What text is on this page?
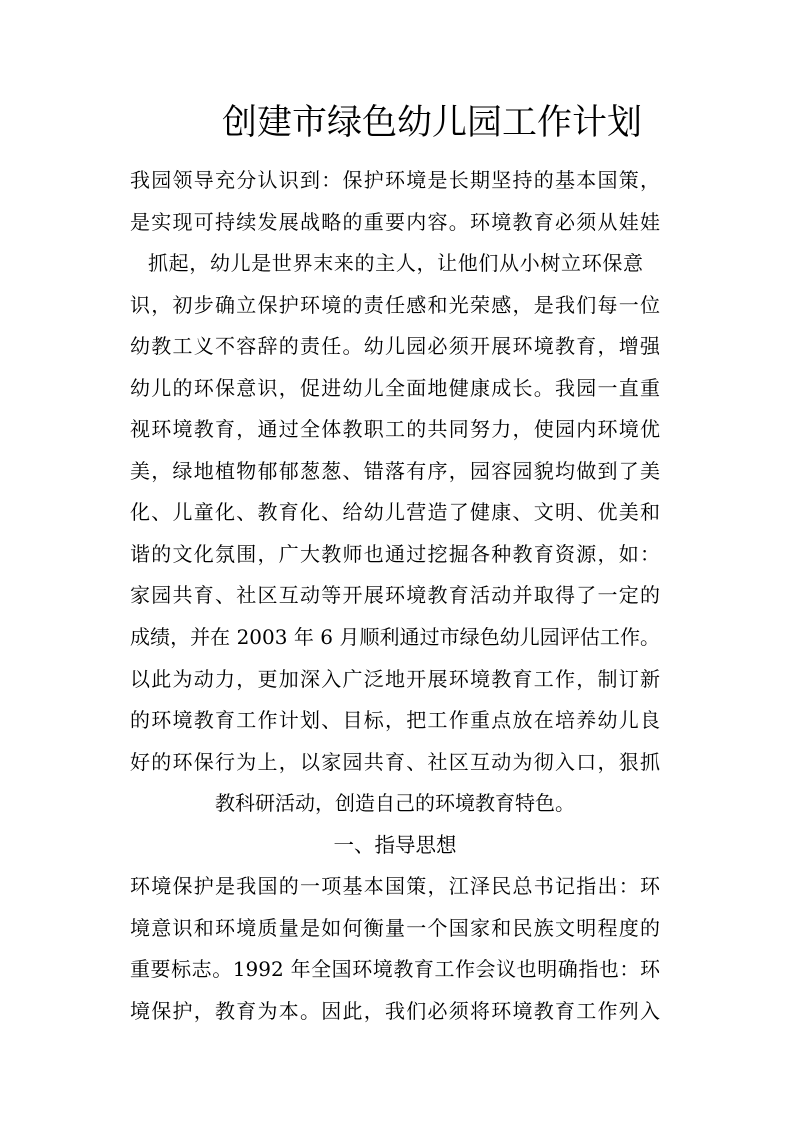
创建市绿色幼儿园工作计划
我园领导充分认识到：保护环境是长期坚持的基本国策，
是实现可持续发展战略的重要内容。环境教育必须从娃娃
抓起，幼儿是世界末来的主人，让他们从小树立环保意
识，初步确立保护环境的责任感和光荣感，是我们每一位
幼教工义不容辞的责任。幼儿园必须开展环境教育，增强
幼儿的环保意识，促进幼儿全面地健康成长。我园一直重
视环境教育，通过全体教职工的共同努力，使园内环境优
美，绿地植物郁郁葱葱、错落有序，园容园貌均做到了美
化、儿童化、教育化、给幼儿营造了健康、文明、优美和
谐的文化氛围，广大教师也通过挖掘各种教育资源，如：
家园共育、社区互动等开展环境教育活动并取得了一定的
成绩，并在 2003 年 6 月顺利通过市绿色幼儿园评估工作。
以此为动力，更加深入广泛地开展环境教育工作，制订新
的环境教育工作计划、目标，把工作重点放在培养幼儿良
好的环保行为上，以家园共育、社区互动为彻入口，狠抓
教科研活动，创造自己的环境教育特色。
一、指导思想
环境保护是我国的一项基本国策，江泽民总书记指出：环
境意识和环境质量是如何衡量一个国家和民族文明程度的
重要标志。1992 年全国环境教育工作会议也明确指也：环
境保护，教育为本。因此，我们必须将环境教育工作列入
